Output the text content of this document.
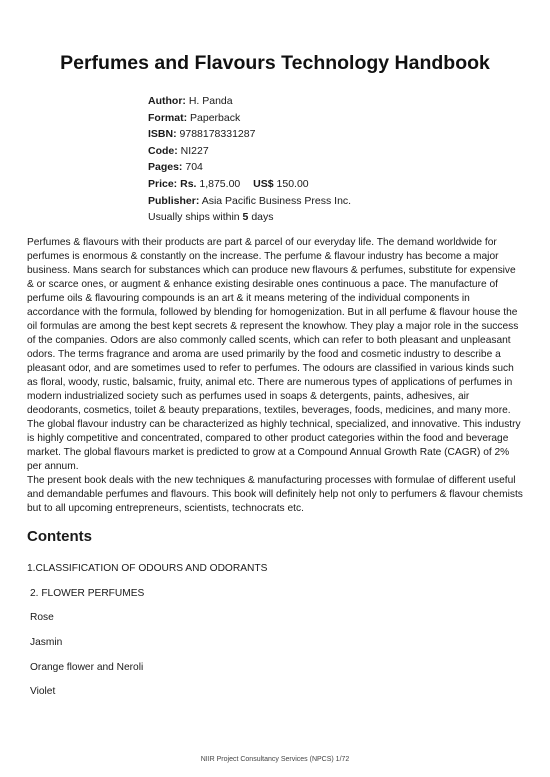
Perfumes and Flavours Technology Handbook
Author: H. Panda
Format: Paperback
ISBN: 9788178331287
Code: NI227
Pages: 704
Price: Rs. 1,875.00 US$ 150.00
Publisher: Asia Pacific Business Press Inc.
Usually ships within 5 days

Perfumes & flavours with their products are part & parcel of our everyday life. The demand worldwide for perfumes is enormous & constantly on the increase. The perfume & flavour industry has become a major business. Mans search for substances which can produce new flavours & perfumes, substitute for expensive & or scarce ones, or augment & enhance existing desirable ones continuous a pace. The manufacture of perfume oils & flavouring compounds is an art & it means metering of the individual components in accordance with the formula, followed by blending for homogenization. But in all perfume & flavour house the oil formulas are among the best kept secrets & represent the knowhow. They play a major role in the success of the companies. Odors are also commonly called scents, which can refer to both pleasant and unpleasant odors. The terms fragrance and aroma are used primarily by the food and cosmetic industry to describe a pleasant odor, and are sometimes used to refer to perfumes. The odours are classified in various kinds such as floral, woody, rustic, balsamic, fruity, animal etc. There are numerous types of applications of perfumes in modern industrialized society such as perfumes used in soaps & detergents, paints, adhesives, air deodorants, cosmetics, toilet & beauty preparations, textiles, beverages, foods, medicines, and many more. The global flavour industry can be characterized as highly technical, specialized, and innovative. This industry is highly competitive and concentrated, compared to other product categories within the food and beverage market. The global flavours market is predicted to grow at a Compound Annual Growth Rate (CAGR) of 2% per annum.

The present book deals with the new techniques & manufacturing processes with formulae of different useful and demandable perfumes and flavours. This book will definitely help not only to perfumers & flavour chemists but to all upcoming entrepreneurs, scientists, technocrats etc.

Contents
1.CLASSIFICATION OF ODOURS AND ODORANTS
2. FLOWER PERFUMES
Rose
Jasmin
Orange flower and Neroli
Violet
NIIR Project Consultancy Services (NPCS) 1/72
